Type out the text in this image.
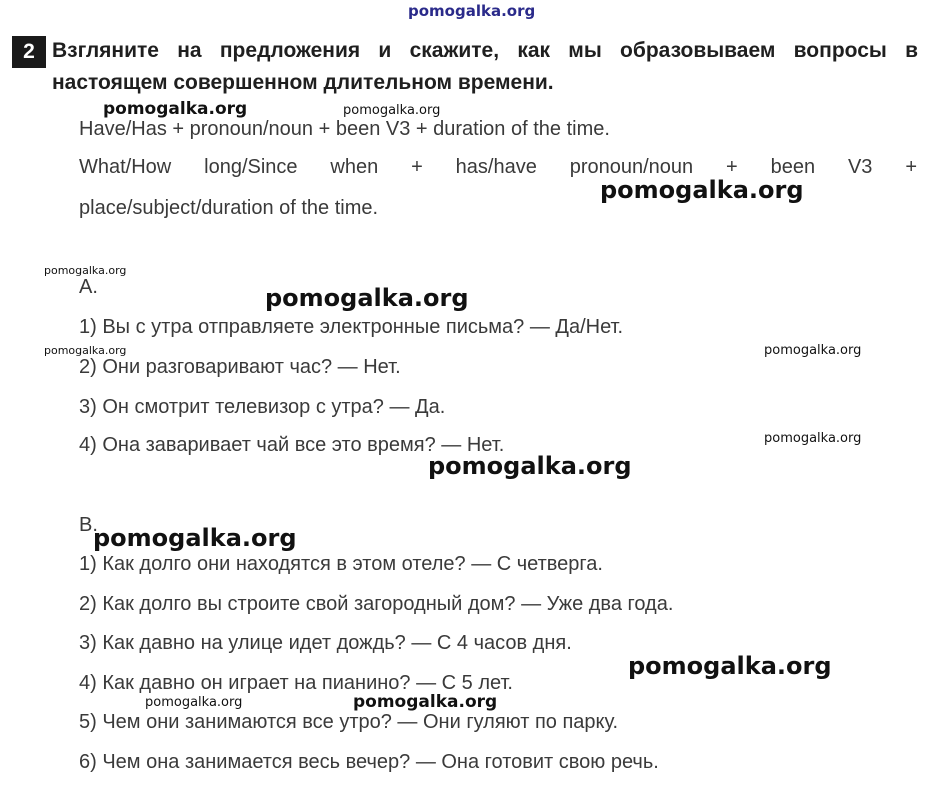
pomogalka.org
2 Взгляните на предложения и скажите, как мы образовываем вопросы в
настоящем совершенном длительном времени.
Have/Has + pronoun/noun + been V3 + duration of the time.
What/How long/Since when + has/have pronoun/noun + been V3 +
place/subject/duration of the time.
A.
1) Вы с утра отправляете электронные письма? — Да/Нет.
2) Они разговаривают час? — Нет.
3) Он смотрит телевизор с утра? — Да.
4) Она заваривает чай все это время? — Нет.
B.
1) Как долго они находятся в этом отеле? — С четверга.
2) Как долго вы строите свой загородный дом? — Уже два года.
3) Как давно на улице идет дождь? — С 4 часов дня.
4) Как давно он играет на пианино? — С 5 лет.
5) Чем они занимаются все утро? — Они гуляют по парку.
6) Чем она занимается весь вечер? — Она готовит свою речь.
pomogalka.org	pomogalka.org
pomogalka.org
pomogalka.org
pomogalka.org
pomogalka.org	pomogalka.org
pomogalka.org
pomogalka.org
pomogalka.org
pomogalka.org
pomogalka.org	pomogalka.org
